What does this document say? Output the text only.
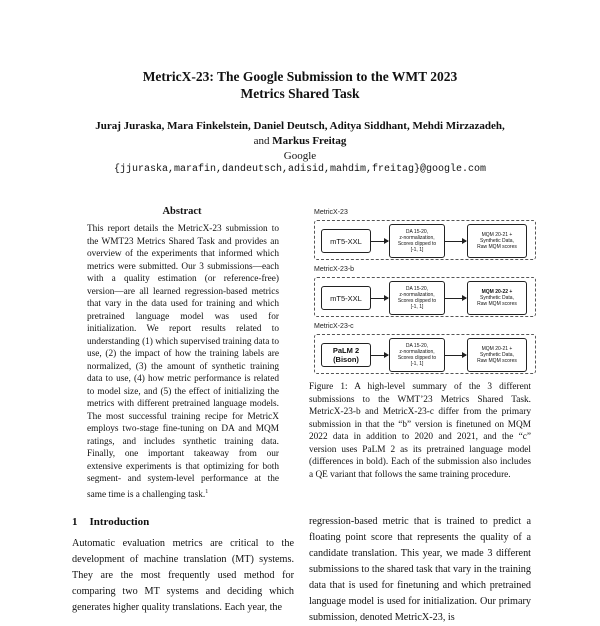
MetricX-23: The Google Submission to the WMT 2023
Metrics Shared Task
Juraj Juraska, Mara Finkelstein, Daniel Deutsch, Aditya Siddhant, Mehdi Mirzazadeh,
and Markus Freitag
Google
{jjuraska,marafin,dandeutsch,adisid,mahdim,freitag}@google.com
Abstract
This report details the MetricX-23 submission to the WMT23 Metrics Shared Task and provides an overview of the experiments that informed which metrics were submitted. Our 3 submissions—each with a quality estimation (or reference-free) version—are all learned regression-based metrics that vary in the data used for training and which pretrained language model was used for initialization. We report results related to understanding (1) which supervised training data to use, (2) the impact of how the training labels are normalized, (3) the amount of synthetic training data to use, (4) how metric performance is related to model size, and (5) the effect of initializing the metrics with different pretrained language models. The most successful training recipe for MetricX employs two-stage fine-tuning on DA and MQM ratings, and includes synthetic training data. Finally, one important takeaway from our extensive experiments is that optimizing for both segment- and system-level performance at the same time is a challenging task.$^1$
1 Introduction
Automatic evaluation metrics are critical to the development of machine translation (MT) systems. They are the most frequently used method for comparing two MT systems and deciding which generates higher quality translations. Each year, the
regression-based metric that is trained to predict a floating point score that represents the quality of a candidate translation. This year, we made 3 different submissions to the shared task that vary in the training data that is used for finetuning and which pretrained language model is used for initialization. Our primary submission, denoted MetricX-23, is
MetricX-23
mT5-XXL
DA 15-20,
z-normalization,
Scores clipped to
[-1, 1]
MQM 20-21 +
Synthetic Data,
Raw MQM scores
MetricX-23-b
mT5-XXL
DA 15-20,
z-normalization,
Scores clipped to
[-1, 1]
MQM 20-22 +
Synthetic Data,
Raw MQM scores
MetricX-23-c
PaLM 2
(Bison)
DA 15-20,
z-normalization,
Scores clipped to
[-1, 1]
MQM 20-21 +
Synthetic Data,
Raw MQM scores
Figure 1: A high-level summary of the 3 different submissions to the WMT’23 Metrics Shared Task. MetricX-23-b and MetricX-23-c differ from the primary submission in that the “b” version is finetuned on MQM 2022 data in addition to 2020 and 2021, and the “c” version uses PaLM 2 as its pretrained language model (differences in bold). Each of the submission also includes a QE variant that follows the same training procedure.
